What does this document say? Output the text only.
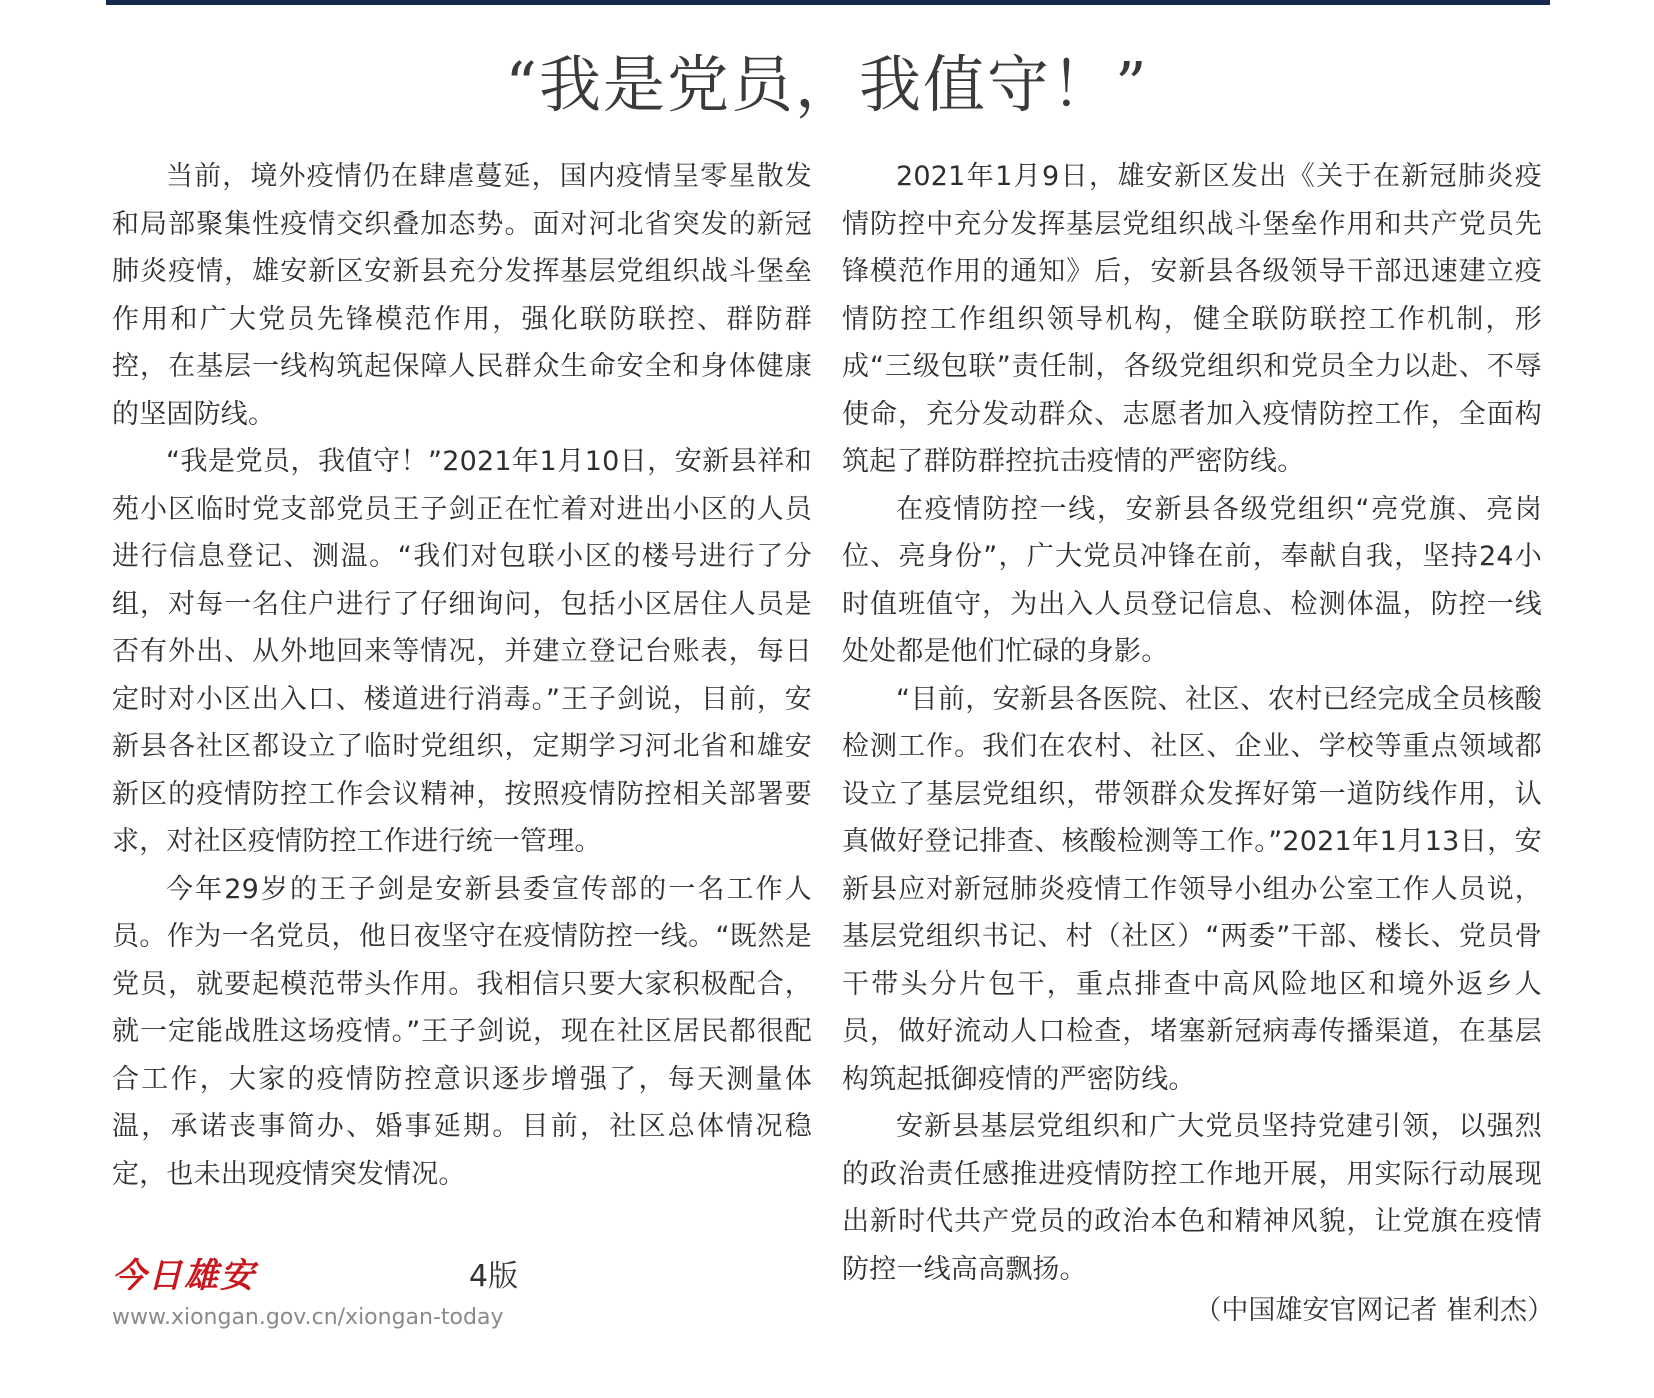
“我是党员，我值守！”

当前，境外疫情仍在肆虐蔓延，国内疫情呈零星散发和局部聚集性疫情交织叠加态势。面对河北省突发的新冠肺炎疫情，雄安新区安新县充分发挥基层党组织战斗堡垒作用和广大党员先锋模范作用，强化联防联控、群防群控，在基层一线构筑起保障人民群众生命安全和身体健康的坚固防线。

“我是党员，我值守！”2021年1月10日，安新县祥和苑小区临时党支部党员王子剑正在忙着对进出小区的人员进行信息登记、测温。“我们对包联小区的楼号进行了分组，对每一名住户进行了仔细询问，包括小区居住人员是否有外出、从外地回来等情况，并建立登记台账表，每日定时对小区出入口、楼道进行消毒。”王子剑说，目前，安新县各社区都设立了临时党组织，定期学习河北省和雄安新区的疫情防控工作会议精神，按照疫情防控相关部署要求，对社区疫情防控工作进行统一管理。

今年29岁的王子剑是安新县委宣传部的一名工作人员。作为一名党员，他日夜坚守在疫情防控一线。“既然是党员，就要起模范带头作用。我相信只要大家积极配合，就一定能战胜这场疫情。”王子剑说，现在社区居民都很配合工作，大家的疫情防控意识逐步增强了，每天测量体温，承诺丧事简办、婚事延期。目前，社区总体情况稳定，也未出现疫情突发情况。

2021年1月9日，雄安新区发出《关于在新冠肺炎疫情防控中充分发挥基层党组织战斗堡垒作用和共产党员先锋模范作用的通知》后，安新县各级领导干部迅速建立疫情防控工作组织领导机构，健全联防联控工作机制，形成“三级包联”责任制，各级党组织和党员全力以赴、不辱使命，充分发动群众、志愿者加入疫情防控工作，全面构筑起了群防群控抗击疫情的严密防线。

在疫情防控一线，安新县各级党组织“亮党旗、亮岗位、亮身份”，广大党员冲锋在前，奉献自我，坚持24小时值班值守，为出入人员登记信息、检测体温，防控一线处处都是他们忙碌的身影。

“目前，安新县各医院、社区、农村已经完成全员核酸检测工作。我们在农村、社区、企业、学校等重点领域都设立了基层党组织，带领群众发挥好第一道防线作用，认真做好登记排查、核酸检测等工作。”2021年1月13日，安新县应对新冠肺炎疫情工作领导小组办公室工作人员说，基层党组织书记、村（社区）“两委”干部、楼长、党员骨干带头分片包干，重点排查中高风险地区和境外返乡人员，做好流动人口检查，堵塞新冠病毒传播渠道，在基层构筑起抵御疫情的严密防线。

安新县基层党组织和广大党员坚持党建引领，以强烈的政治责任感推进疫情防控工作地开展，用实际行动展现出新时代共产党员的政治本色和精神风貌，让党旗在疫情防控一线高高飘扬。

（中国雄安官网记者 崔利杰）
今日雄安	4版
www.xiongan.gov.cn/xiongan-today
